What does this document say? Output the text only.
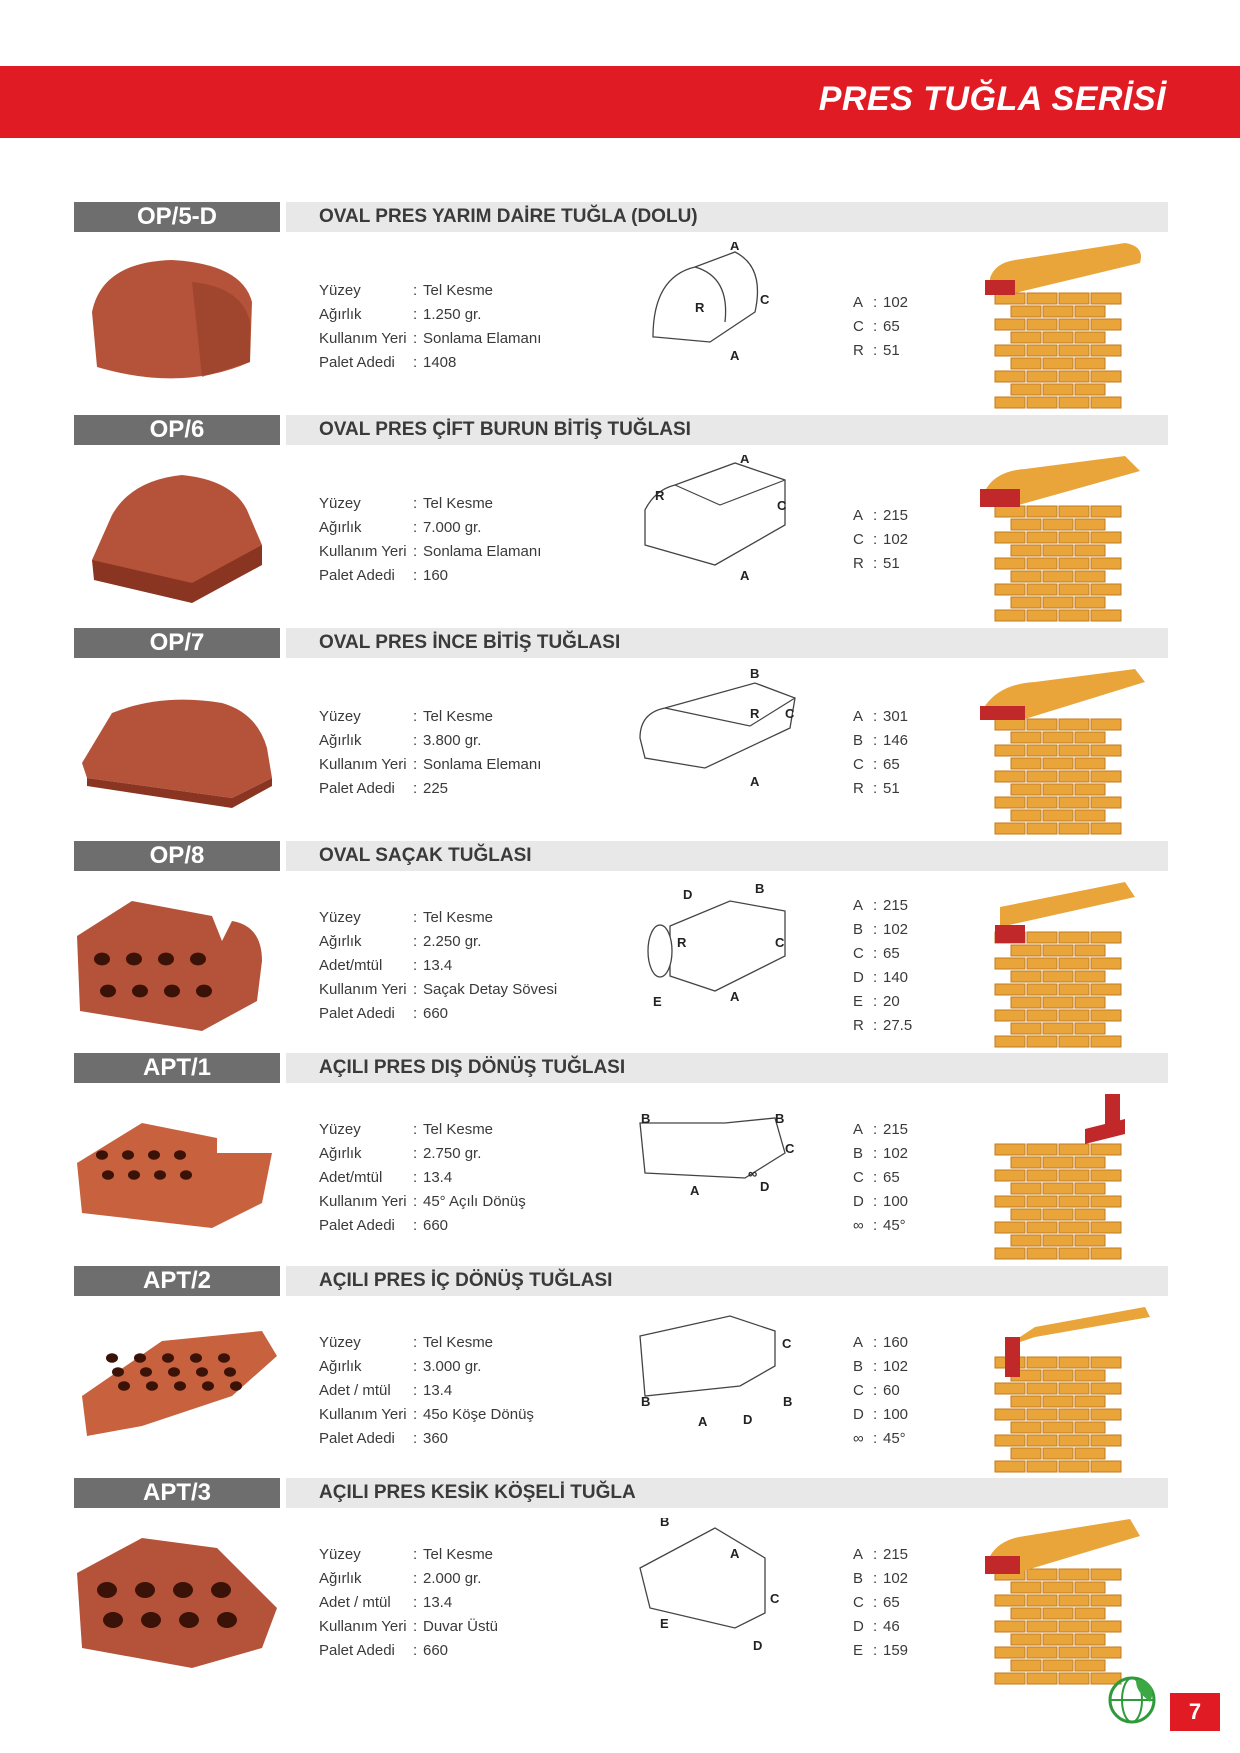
PRES TUĞLA SERİSİ
OP/5-D	OVAL PRES YARIM DAİRE TUĞLA (DOLU)
Yüzey	: Tel Kesme
Ağırlık	: 1.250 gr.
Kullanım Yeri : Sonlama Elamanı
Palet Adedi	: 1408
A
C
R
A
A : 102
C : 65
R : 51
OP/6	OVAL PRES ÇİFT BURUN BİTİŞ TUĞLASI
Yüzey	: Tel Kesme
Ağırlık	: 7.000 gr.
Kullanım Yeri : Sonlama Elamanı
Palet Adedi	: 160
A
R
C
A
A : 215
C : 102
R : 51
OP/7	OVAL PRES İNCE BİTİŞ TUĞLASI
Yüzey	: Tel Kesme
Ağırlık	: 3.800 gr.
Kullanım Yeri : Sonlama Elemanı
Palet Adedi	: 225
B
R C
A
A : 301
B : 146
C : 65
R : 51
OP/8	OVAL SAÇAK TUĞLASI
Yüzey	: Tel Kesme
Ağırlık	: 2.250 gr.
Adet/mtül	: 13.4
Kullanım Yeri : Saçak Detay Sövesi
Palet Adedi	: 660
D	B
R	C
A
E
A : 215
B : 102
C : 65
D : 140
E : 20
R : 27.5
APT/1	AÇILI PRES DIŞ DÖNÜŞ TUĞLASI
Yüzey	: Tel Kesme
Ağırlık	: 2.750 gr.
Adet/mtül	: 13.4
Kullanım Yeri : 45° Açılı Dönüş
Palet Adedi	: 660
B	B
C
A	D
∞
A : 215
B : 102
C : 65
D : 100
∞ : 45°
APT/2	AÇILI PRES İÇ DÖNÜŞ TUĞLASI
Yüzey	: Tel Kesme
Ağırlık	: 3.000 gr.
Adet / mtül	: 13.4
Kullanım Yeri : 45o Köşe Dönüş
Palet Adedi	: 360
C
B
A	D
B
A : 160
B : 102
C : 60
D : 100
∞ : 45°
APT/3	AÇILI PRES KESİK KÖŞELİ TUĞLA
Yüzey	: Tel Kesme
Ağırlık	: 2.000 gr.
Adet / mtül	: 13.4
Kullanım Yeri : Duvar Üstü
Palet Adedi	: 660
B
A
C
E
D
A : 215
B : 102
C : 65
D : 46
E : 159
7
